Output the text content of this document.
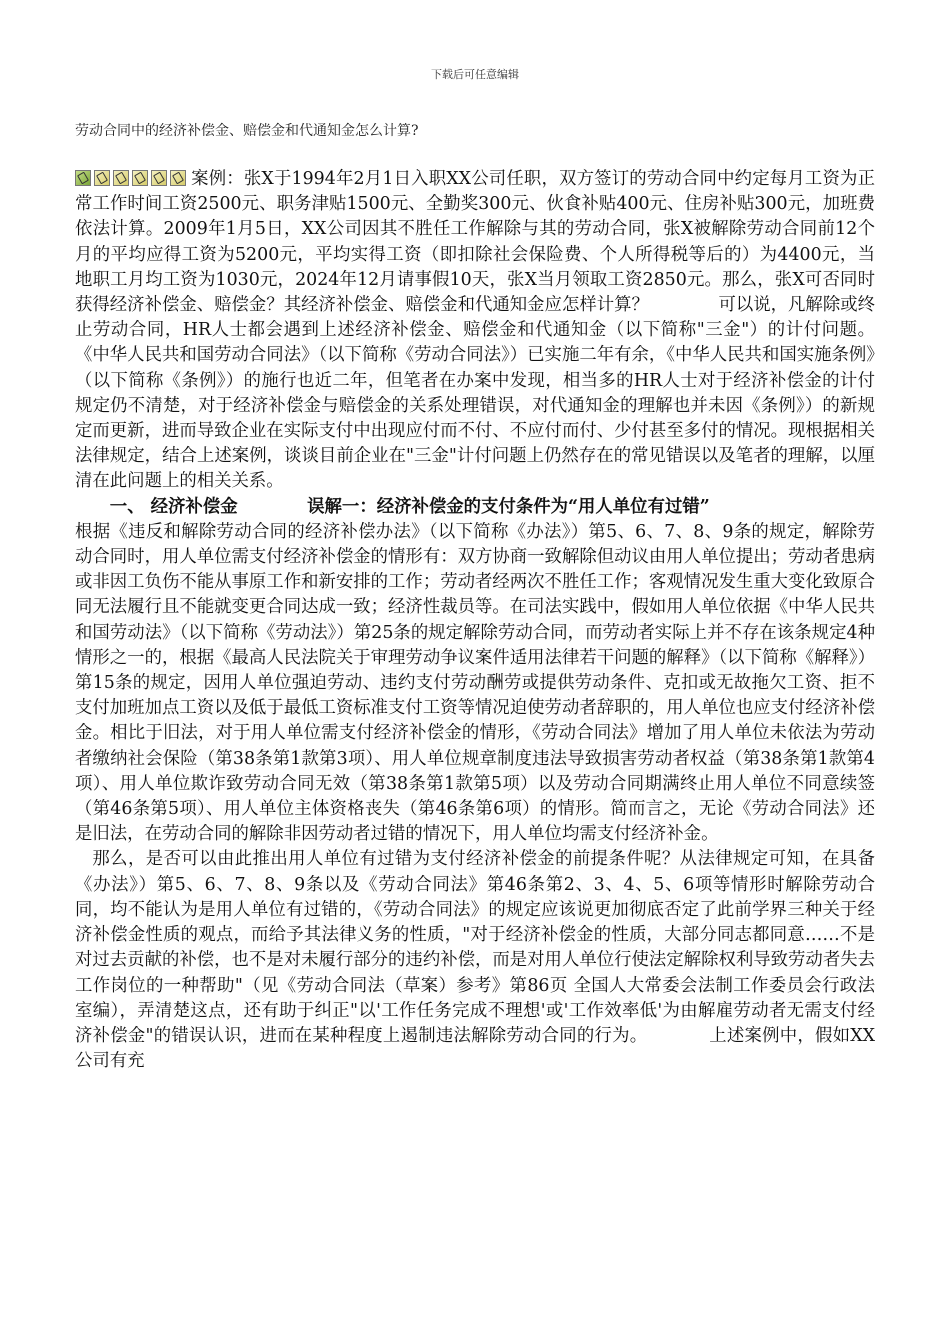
下载后可任意编辑
劳动合同中的经济补偿金、赔偿金和代通知金怎么计算?

案例：张X于1994年2月1日入职XX公司任职，双方签订的劳动合同中约定每月工资为正常工作时间工资2500元、职务津贴1500元、全勤奖300元、伙食补贴400元、住房补贴300元，加班费依法计算。2009年1月5日，XX公司因其不胜任工作解除与其的劳动合同，张X被解除劳动合同前12个月的平均应得工资为5200元，平均实得工资（即扣除社会保险费、个人所得税等后的）为4400元，当地职工月均工资为1030元，2024年12月请事假10天，张X当月领取工资2850元。那么，张X可否同时获得经济补偿金、赔偿金？其经济补偿金、赔偿金和代通知金应怎样计算？　　　　可以说，凡解除或终止劳动合同，HR人士都会遇到上述经济补偿金、赔偿金和代通知金（以下简称"三金"）的计付问题。《中华人民共和国劳动合同法》（以下简称《劳动合同法》）已实施二年有余，《中华人民共和国实施条例》（以下简称《条例》）的施行也近二年，但笔者在办案中发现，相当多的HR人士对于经济补偿金的计付规定仍不清楚，对于经济补偿金与赔偿金的关系处理错误，对代通知金的理解也并未因《条例》）的新规定而更新，进而导致企业在实际支付中出现应付而不付、不应付而付、少付甚至多付的情况。现根据相关法律规定，结合上述案例，谈谈目前企业在"三金"计付问题上仍然存在的常见错误以及笔者的理解，以厘清在此问题上的相关关系。

一、 经济补偿金　　　　误解一：经济补偿金的支付条件为“用人单位有过错”

根据《违反和解除劳动合同的经济补偿办法》（以下简称《办法》）第5、6、7、8、9条的规定，解除劳动合同时，用人单位需支付经济补偿金的情形有：双方协商一致解除但动议由用人单位提出；劳动者患病或非因工负伤不能从事原工作和新安排的工作；劳动者经两次不胜任工作；客观情况发生重大变化致原合同无法履行且不能就变更合同达成一致；经济性裁员等。在司法实践中，假如用人单位依据《中华人民共和国劳动法》（以下简称《劳动法》）第25条的规定解除劳动合同，而劳动者实际上并不存在该条规定4种情形之一的，根据《最高人民法院关于审理劳动争议案件适用法律若干问题的解释》（以下简称《解释》）第15条的规定，因用人单位强迫劳动、违约支付劳动酬劳或提供劳动条件、克扣或无故拖欠工资、拒不支付加班加点工资以及低于最低工资标准支付工资等情况迫使劳动者辞职的，用人单位也应支付经济补偿金。相比于旧法，对于用人单位需支付经济补偿金的情形，《劳动合同法》增加了用人单位未依法为劳动者缴纳社会保险（第38条第1款第3项）、用人单位规章制度违法导致损害劳动者权益（第38条第1款第4项）、用人单位欺诈致劳动合同无效（第38条第1款第5项）以及劳动合同期满终止用人单位不同意续签（第46条第5项）、用人单位主体资格丧失（第46条第6项）的情形。简而言之，无论《劳动合同法》还是旧法，在劳动合同的解除非因劳动者过错的情况下，用人单位均需支付经济补金。

那么，是否可以由此推出用人单位有过错为支付经济补偿金的前提条件呢？从法律规定可知，在具备《办法》）第5、6、7、8、9条以及《劳动合同法》第46条第2、3、4、5、6项等情形时解除劳动合同，均不能认为是用人单位有过错的，《劳动合同法》的规定应该说更加彻底否定了此前学界三种关于经济补偿金性质的观点，而给予其法律义务的性质，"对于经济补偿金的性质，大部分同志都同意……不是对过去贡献的补偿，也不是对未履行部分的违约补偿，而是对用人单位行使法定解除权利导致劳动者失去工作岗位的一种帮助"（见《劳动合同法（草案）参考》第86页 全国人大常委会法制工作委员会行政法室编），弄清楚这点，还有助于纠正"以'工作任务完成不理想'或'工作效率低'为由解雇劳动者无需支付经济补偿金"的错误认识，进而在某种程度上遏制违法解除劳动合同的行为。　　　　上述案例中，假如XX公司有充
